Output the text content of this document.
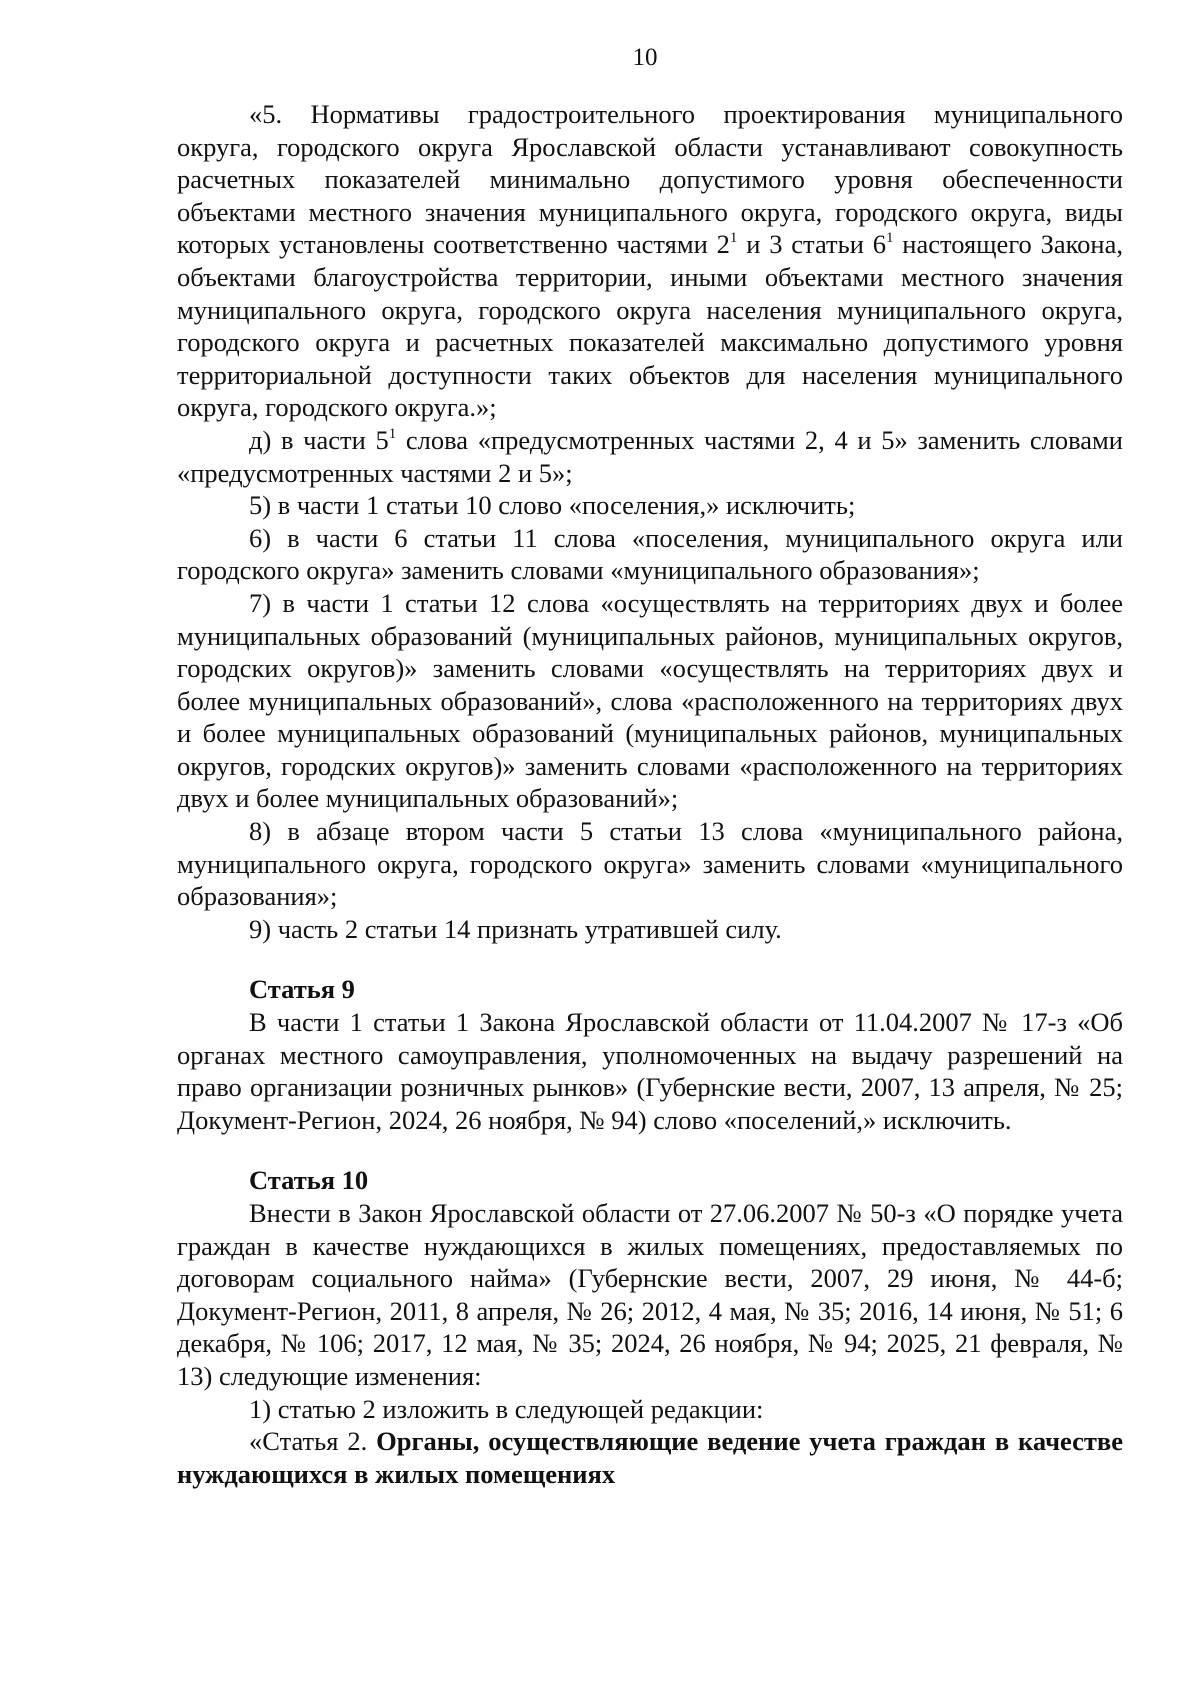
10

«5. Нормативы градостроительного проектирования муниципального округа, городского округа Ярославской области устанавливают совокупность расчетных показателей минимально допустимого уровня обеспеченности объектами местного значения муниципального округа, городского округа, виды которых установлены соответственно частями $2^1$ и 3 статьи $6^1$ настоящего Закона, объектами благоустройства территории, иными объектами местного значения муниципального округа, городского округа населения муниципального округа, городского округа и расчетных показателей максимально допустимого уровня территориальной доступности таких объектов для населения муниципального округа, городского округа.»;

д) в части $5^1$ слова «предусмотренных частями 2, 4 и 5» заменить словами «предусмотренных частями 2 и 5»;

5) в части 1 статьи 10 слово «поселения,» исключить;

6) в части 6 статьи 11 слова «поселения, муниципального округа или городского округа» заменить словами «муниципального образования»;

7) в части 1 статьи 12 слова «осуществлять на территориях двух и более муниципальных образований (муниципальных районов, муниципальных округов, городских округов)» заменить словами «осуществлять на территориях двух и более муниципальных образований», слова «расположенного на территориях двух и более муниципальных образований (муниципальных районов, муниципальных округов, городских округов)» заменить словами «расположенного на территориях двух и более муниципальных образований»;

8) в абзаце втором части 5 статьи 13 слова «муниципального района, муниципального округа, городского округа» заменить словами «муниципального образования»;

9) часть 2 статьи 14 признать утратившей силу.

Статья 9

В части 1 статьи 1 Закона Ярославской области от 11.04.2007 № 17-з «Об органах местного самоуправления, уполномоченных на выдачу разрешений на право организации розничных рынков» (Губернские вести, 2007, 13 апреля, № 25; Документ-Регион, 2024, 26 ноября, № 94) слово «поселений,» исключить.

Статья 10

Внести в Закон Ярославской области от 27.06.2007 № 50-з «О порядке учета граждан в качестве нуждающихся в жилых помещениях, предоставляемых по договорам социального найма» (Губернские вести, 2007, 29 июня, № 44-б; Документ-Регион, 2011, 8 апреля, № 26; 2012, 4 мая, № 35; 2016, 14 июня, № 51; 6 декабря, № 106; 2017, 12 мая, № 35; 2024, 26 ноября, № 94; 2025, 21 февраля, № 13) следующие изменения:

1) статью 2 изложить в следующей редакции:

«Статья 2. Органы, осуществляющие ведение учета граждан в качестве нуждающихся в жилых помещениях
